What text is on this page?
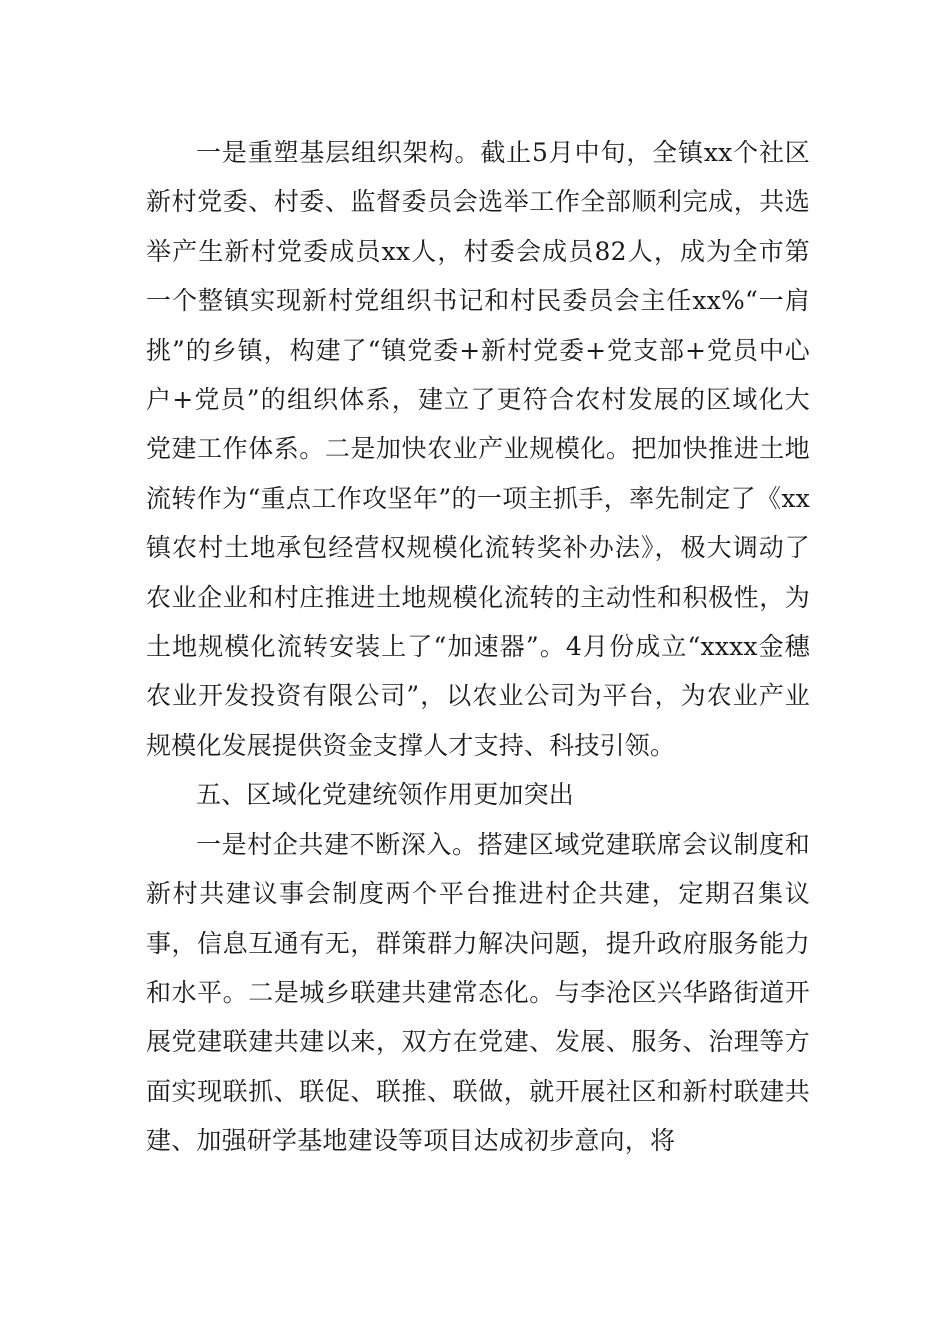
一是重塑基层组织架构。截止5月中旬，全镇xx个社区新村党委、村委、监督委员会选举工作全部顺利完成，共选举产生新村党委成员xx人，村委会成员82人，成为全市第一个整镇实现新村党组织书记和村民委员会主任xx%“一肩挑”的乡镇，构建了“镇党委+新村党委+党支部+党员中心户+党员”的组织体系，建立了更符合农村发展的区域化大党建工作体系。二是加快农业产业规模化。把加快推进土地流转作为“重点工作攻坚年”的一项主抓手，率先制定了《xx镇农村土地承包经营权规模化流转奖补办法》，极大调动了农业企业和村庄推进土地规模化流转的主动性和积极性，为土地规模化流转安装上了“加速器”。4月份成立“xxxx金穗农业开发投资有限公司”，以农业公司为平台，为农业产业规模化发展提供资金支撑人才支持、科技引领。

五、区域化党建统领作用更加突出

一是村企共建不断深入。搭建区域党建联席会议制度和新村共建议事会制度两个平台推进村企共建，定期召集议事，信息互通有无，群策群力解决问题，提升政府服务能力和水平。二是城乡联建共建常态化。与李沧区兴华路街道开展党建联建共建以来，双方在党建、发展、服务、治理等方面实现联抓、联促、联推、联做，就开展社区和新村联建共建、加强研学基地建设等项目达成初步意向，将
